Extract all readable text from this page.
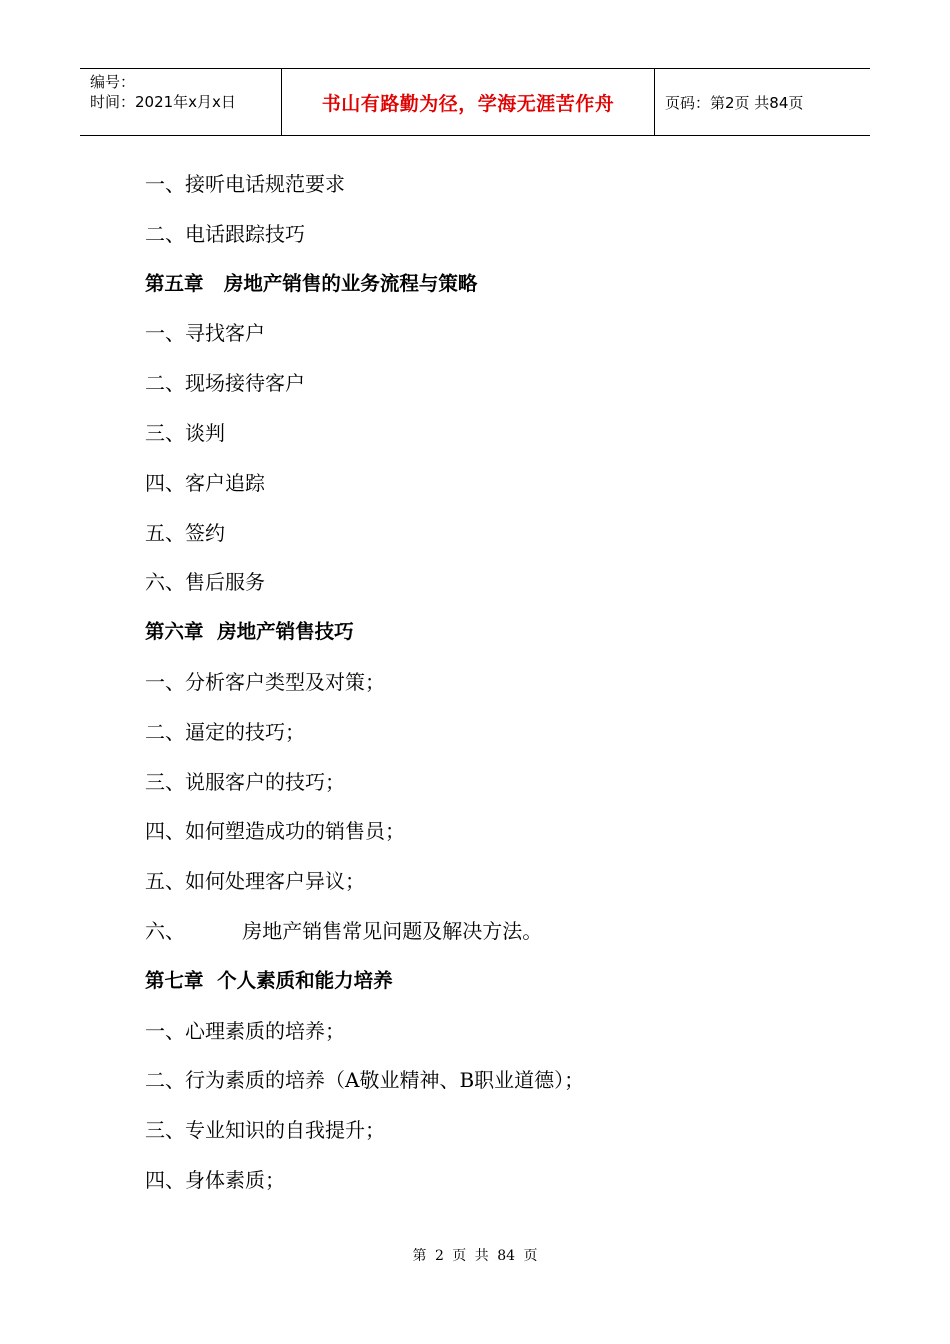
编号：
时间：2021年x月x日	书山有路勤为径，学海无涯苦作舟	页码：第2页 共84页
一、接听电话规范要求
二、电话跟踪技巧
第五章   房地产销售的业务流程与策略
一、寻找客户
二、现场接待客户
三、谈判
四、客户追踪
五、签约
六、售后服务
第六章  房地产销售技巧
一、分析客户类型及对策；
二、逼定的技巧；
三、说服客户的技巧；
四、如何塑造成功的销售员；
五、如何处理客户异议；
六、         房地产销售常见问题及解决方法。
第七章  个人素质和能力培养
一、心理素质的培养；
二、行为素质的培养（A敬业精神、B职业道德）；
三、专业知识的自我提升；
四、身体素质；
第 2 页 共 84 页
